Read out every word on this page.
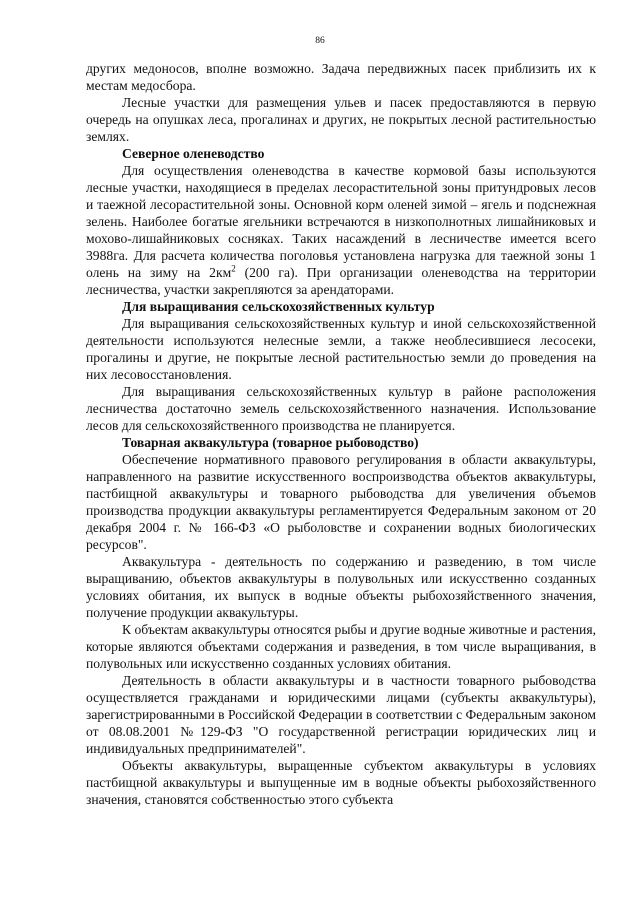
86

других медоносов, вполне возможно. Задача передвижных пасек приблизить их к местам медосбора.

Лесные участки для размещения ульев и пасек предоставляются в первую очередь на опушках леса, прогалинах и других, не покрытых лесной растительностью землях.

Северное оленеводство

Для осуществления оленеводства в качестве кормовой базы используются лесные участки, находящиеся в пределах лесорастительной зоны притундровых лесов и таежной лесорастительной зоны. Основной корм оленей зимой – ягель и подснежная зелень. Наиболее богатые ягельники встречаются в низкополнотных лишайниковых и мохово-лишайниковых сосняках. Таких насаждений в лесничестве имеется всего 3988га. Для расчета количества поголовья установлена нагрузка для таежной зоны 1 олень на зиму на $2км^2$ (200 га). При организации оленеводства на территории лесничества, участки закрепляются за арендаторами.

Для выращивания сельскохозяйственных культур

Для выращивания сельскохозяйственных культур и иной сельскохозяйственной деятельности используются нелесные земли, а также необлесившиеся лесосеки, прогалины и другие, не покрытые лесной растительностью земли до проведения на них лесовосстановления.

Для выращивания сельскохозяйственных культур в районе расположения лесничества достаточно земель сельскохозяйственного назначения. Использование лесов для сельскохозяйственного производства не планируется.

Товарная аквакультура (товарное рыбоводство)

Обеспечение нормативного правового регулирования в области аквакультуры, направленного на развитие искусственного воспроизводства объектов аквакультуры, пастбищной аквакультуры и товарного рыбоводства для увеличения объемов производства продукции аквакультуры регламентируется Федеральным законом от 20 декабря 2004 г. № 166-ФЗ «О рыболовстве и сохранении водных биологических ресурсов".

Аквакультура - деятельность по содержанию и разведению, в том числе выращиванию, объектов аквакультуры в полувольных или искусственно созданных условиях обитания, их выпуск в водные объекты рыбохозяйственного значения, получение продукции аквакультуры.

К объектам аквакультуры относятся рыбы и другие водные животные и растения, которые являются объектами содержания и разведения, в том числе выращивания, в полувольных или искусственно созданных условиях обитания.

Деятельность в области аквакультуры и в частности товарного рыбоводства осуществляется гражданами и юридическими лицами (субъекты аквакультуры), зарегистрированными в Российской Федерации в соответствии с Федеральным законом от 08.08.2001 №129-ФЗ "О государственной регистрации юридических лиц и индивидуальных предпринимателей".

Объекты аквакультуры, выращенные субъектом аквакультуры в условиях пастбищной аквакультуры и выпущенные им в водные объекты рыбохозяйственного значения, становятся собственностью этого субъекта
